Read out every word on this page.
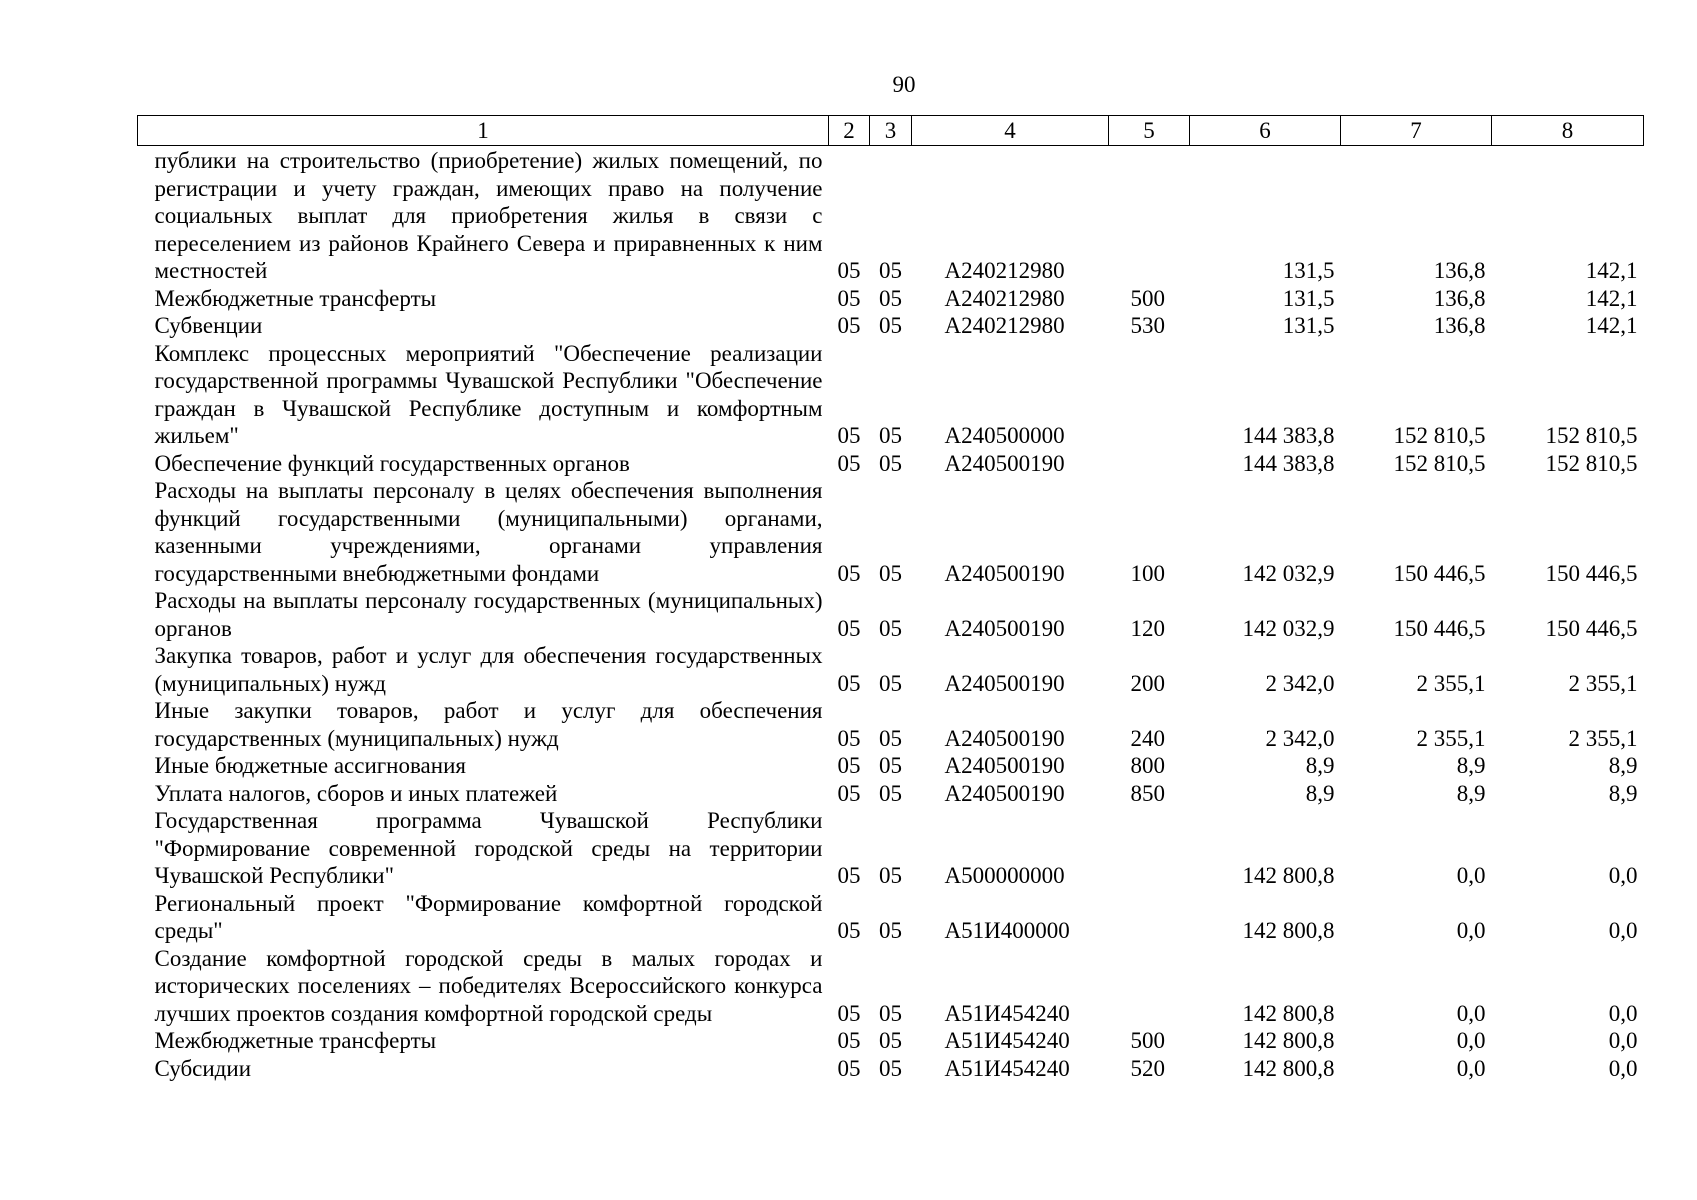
90
1	2	3	4	5	6	7	8
публики на строительство (приобретение) жилых помещений, по регистрации и учету граждан, имеющих право на получение социальных выплат для приобретения жилья в связи с переселением из районов Крайнего Севера и приравненных к ним местностей	05	05	А240212980		131,5	136,8	142,1
Межбюджетные трансферты	05	05	А240212980	500	131,5	136,8	142,1
Субвенции	05	05	А240212980	530	131,5	136,8	142,1
Комплекс процессных мероприятий "Обеспечение реализации государственной программы Чувашской Республики "Обеспечение граждан в Чувашской Республике доступным и комфортным жильем"	05	05	А240500000		144 383,8	152 810,5	152 810,5
Обеспечение функций государственных органов	05	05	А240500190		144 383,8	152 810,5	152 810,5
Расходы на выплаты персоналу в целях обеспечения выполнения функций государственными (муниципальными) органами, казенными учреждениями, органами управления государственными внебюджетными фондами	05	05	А240500190	100	142 032,9	150 446,5	150 446,5
Расходы на выплаты персоналу государственных (муниципальных) органов	05	05	А240500190	120	142 032,9	150 446,5	150 446,5
Закупка товаров, работ и услуг для обеспечения государственных (муниципальных) нужд	05	05	А240500190	200	2 342,0	2 355,1	2 355,1
Иные закупки товаров, работ и услуг для обеспечения государственных (муниципальных) нужд	05	05	А240500190	240	2 342,0	2 355,1	2 355,1
Иные бюджетные ассигнования	05	05	А240500190	800	8,9	8,9	8,9
Уплата налогов, сборов и иных платежей	05	05	А240500190	850	8,9	8,9	8,9
Государственная программа Чувашской Республики "Формирование современной городской среды на территории Чувашской Республики"	05	05	А500000000		142 800,8	0,0	0,0
Региональный проект "Формирование комфортной городской среды"	05	05	А51И400000		142 800,8	0,0	0,0
Создание комфортной городской среды в малых городах и исторических поселениях – победителях Всероссийского конкурса лучших проектов создания комфортной городской среды	05	05	А51И454240		142 800,8	0,0	0,0
Межбюджетные трансферты	05	05	А51И454240	500	142 800,8	0,0	0,0
Субсидии	05	05	А51И454240	520	142 800,8	0,0	0,0
